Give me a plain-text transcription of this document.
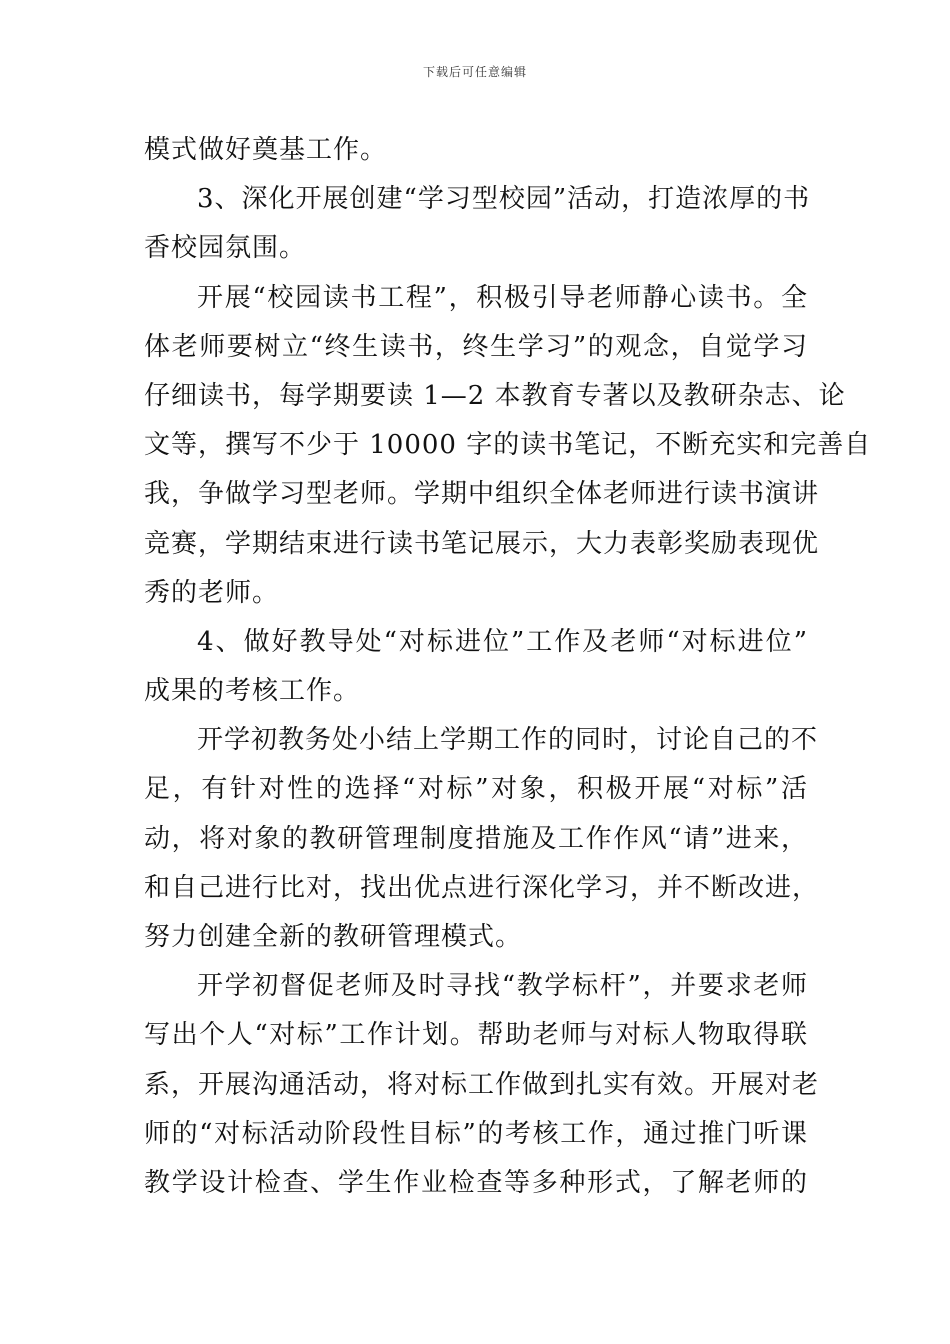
下载后可任意编辑
模式做好奠基工作。
3、深化开展创建“学习型校园”活动，打造浓厚的书
香校园氛围。
开展“校园读书工程”，积极引导老师静心读书。全
体老师要树立“终生读书，终生学习”的观念，自觉学习
仔细读书，每学期要读 1—2 本教育专著以及教研杂志、论
文等，撰写不少于 10000 字的读书笔记，不断充实和完善自
我，争做学习型老师。学期中组织全体老师进行读书演讲
竞赛，学期结束进行读书笔记展示，大力表彰奖励表现优
秀的老师。
4、做好教导处“对标进位”工作及老师“对标进位”
成果的考核工作。
开学初教务处小结上学期工作的同时，讨论自己的不
足，有针对性的选择“对标”对象，积极开展“对标”活
动，将对象的教研管理制度措施及工作作风“请”进来，
和自己进行比对，找出优点进行深化学习，并不断改进，
努力创建全新的教研管理模式。
开学初督促老师及时寻找“教学标杆”，并要求老师
写出个人“对标”工作计划。帮助老师与对标人物取得联
系，开展沟通活动，将对标工作做到扎实有效。开展对老
师的“对标活动阶段性目标”的考核工作，通过推门听课
教学设计检查、学生作业检查等多种形式，了解老师的
